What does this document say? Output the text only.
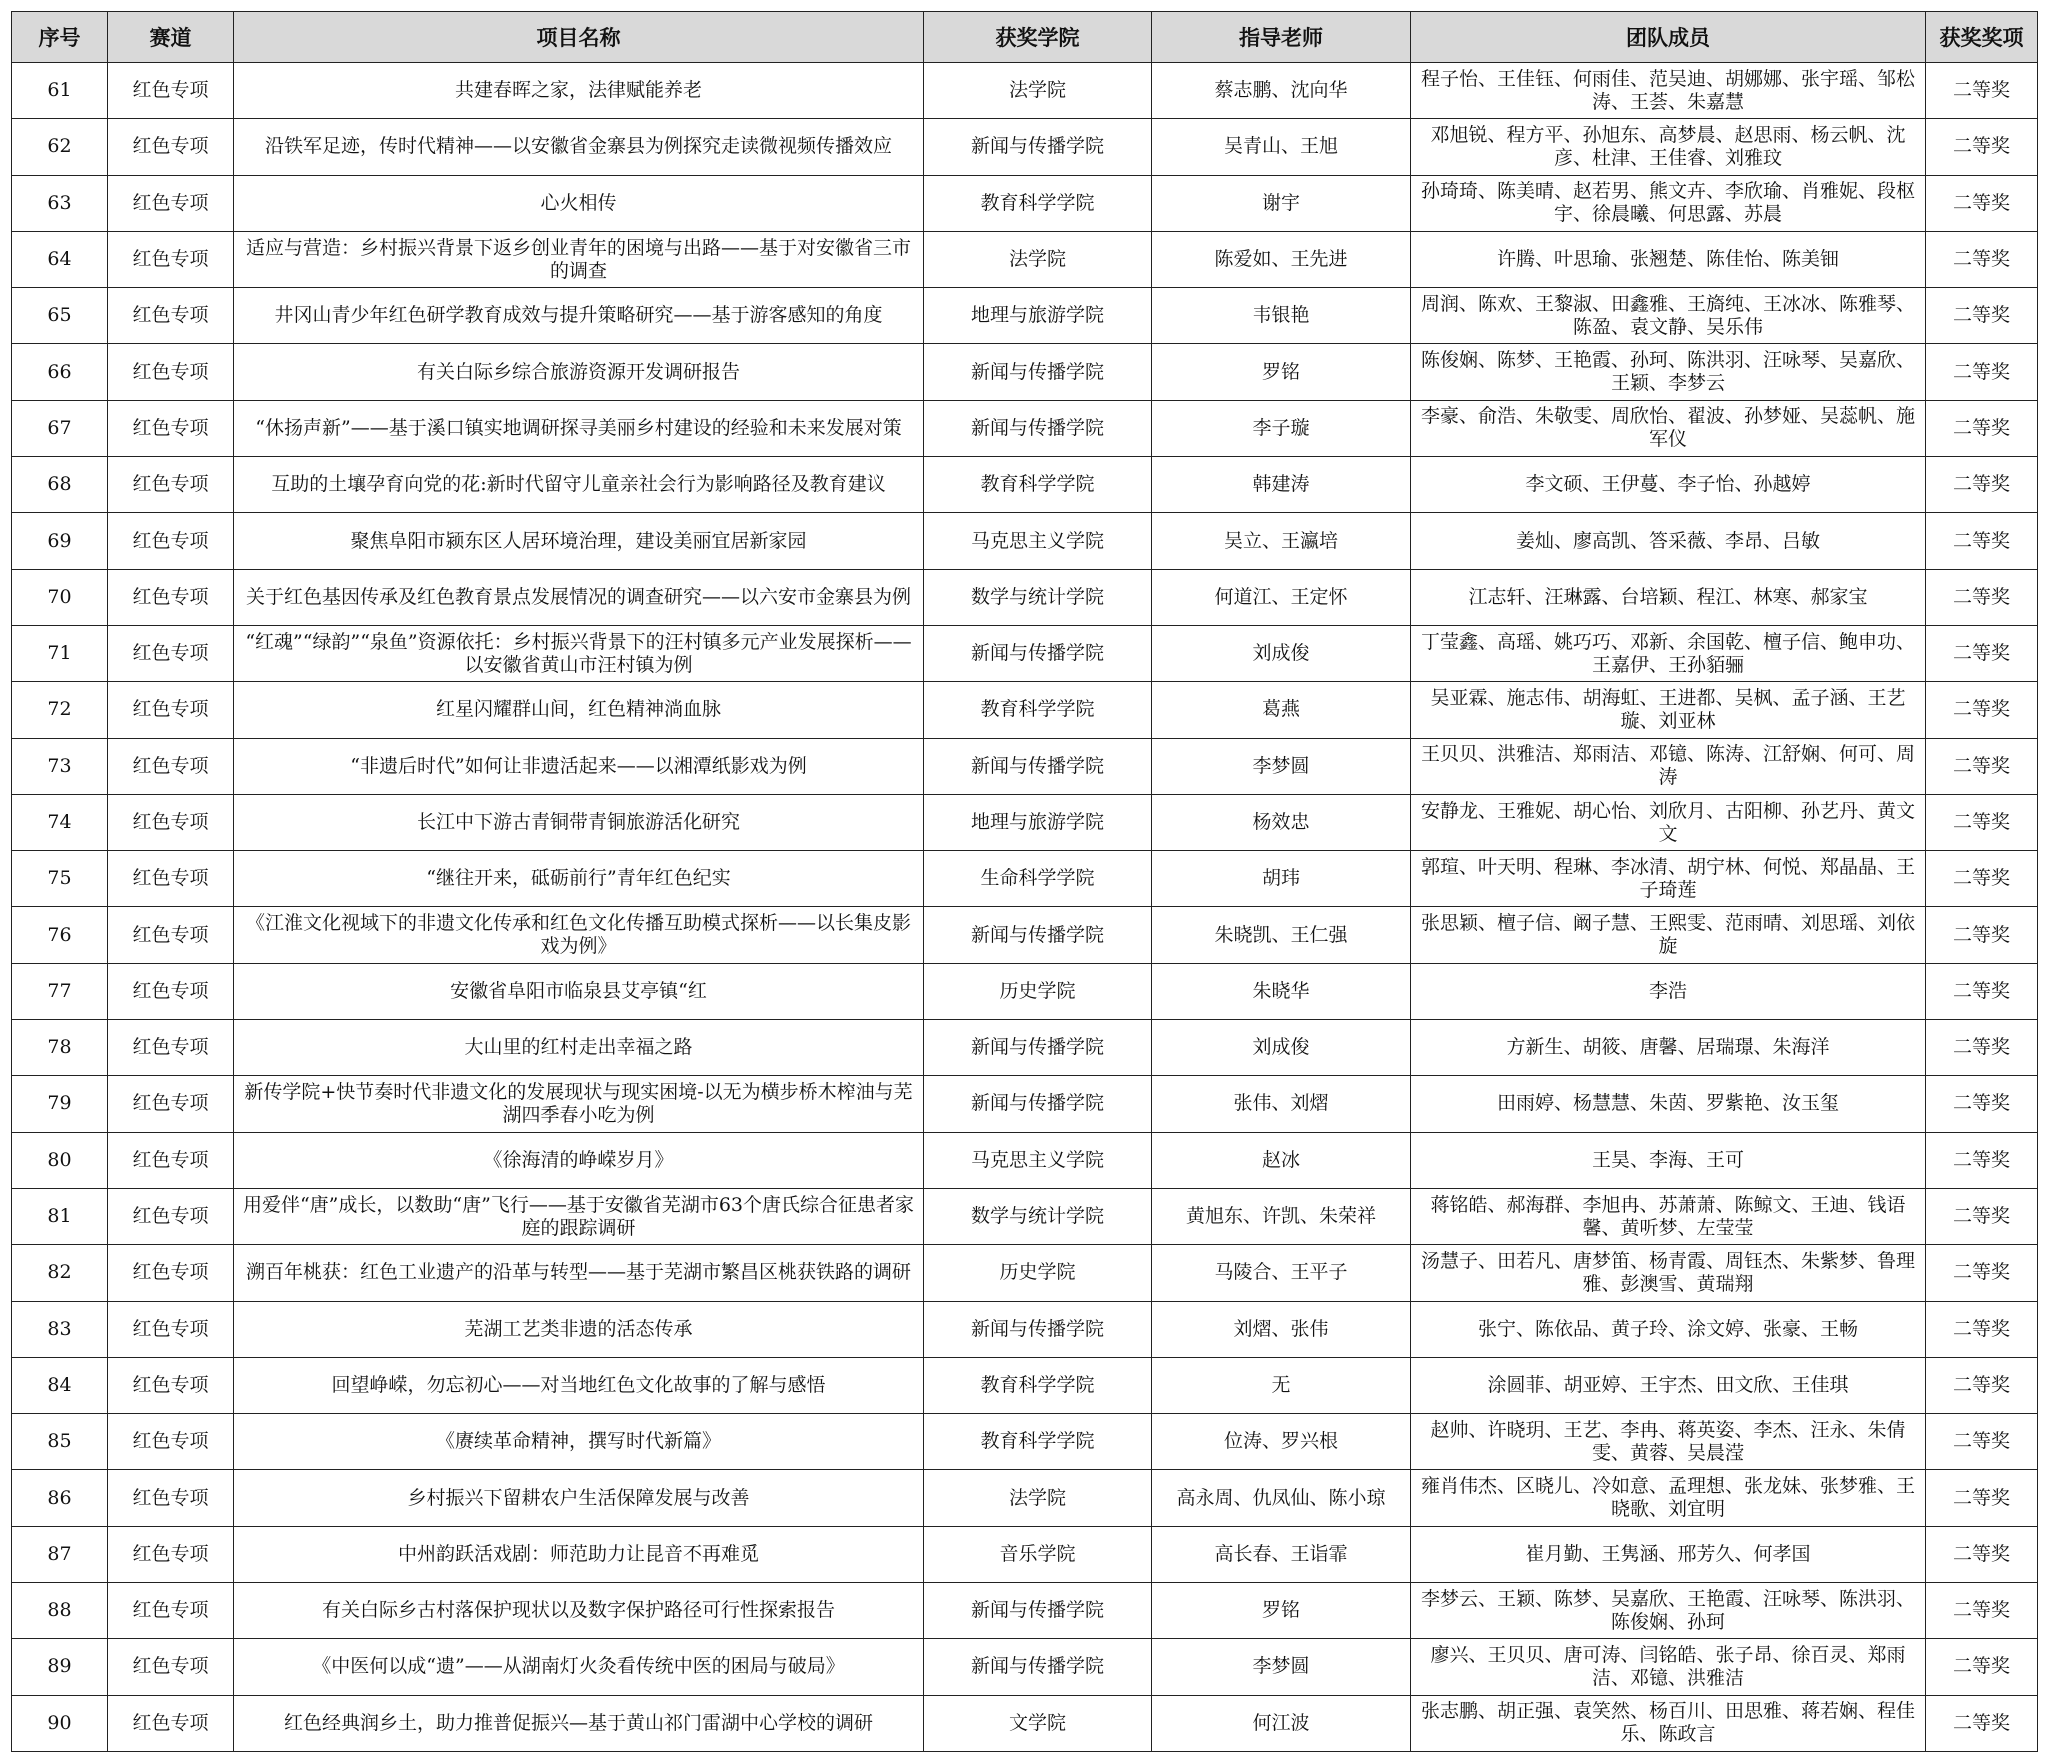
序号	赛道	项目名称	获奖学院	指导老师	团队成员	获奖奖项
61	红色专项	共建春晖之家，法律赋能养老	法学院	蔡志鹏、沈向华	程子怡、王佳钰、何雨佳、范吴迪、胡娜娜、张宇瑶、邹松涛、王荟、朱嘉慧	二等奖
62	红色专项	沿铁军足迹，传时代精神——以安徽省金寨县为例探究走读微视频传播效应	新闻与传播学院	吴青山、王旭	邓旭锐、程方平、孙旭东、高梦晨、赵思雨、杨云帆、沈彦、杜津、王佳睿、刘雅玟	二等奖
63	红色专项	心火相传	教育科学学院	谢宇	孙琦琦、陈美晴、赵若男、熊文卉、李欣瑜、肖雅妮、段枢宇、徐晨曦、何思露、苏晨	二等奖
64	红色专项	适应与营造：乡村振兴背景下返乡创业青年的困境与出路——基于对安徽省三市的调查	法学院	陈爱如、王先进	许腾、叶思瑜、张翘楚、陈佳怡、陈美钿	二等奖
65	红色专项	井冈山青少年红色研学教育成效与提升策略研究——基于游客感知的角度	地理与旅游学院	韦银艳	周润、陈欢、王黎淑、田鑫雅、王旖纯、王冰冰、陈雅琴、陈盈、袁文静、吴乐伟	二等奖
66	红色专项	有关白际乡综合旅游资源开发调研报告	新闻与传播学院	罗铭	陈俊娴、陈梦、王艳霞、孙珂、陈洪羽、汪咏琴、吴嘉欣、王颖、李梦云	二等奖
67	红色专项	“休扬声新”——基于溪口镇实地调研探寻美丽乡村建设的经验和未来发展对策	新闻与传播学院	李子璇	李豪、俞浩、朱敬雯、周欣怡、翟波、孙梦娅、吴蕊帆、施军仪	二等奖
68	红色专项	互助的土壤孕育向党的花:新时代留守儿童亲社会行为影响路径及教育建议	教育科学学院	韩建涛	李文硕、王伊蔓、李子怡、孙越婷	二等奖
69	红色专项	聚焦阜阳市颍东区人居环境治理，建设美丽宜居新家园	马克思主义学院	吴立、王瀛培	姜灿、廖高凯、答采薇、李昂、吕敏	二等奖
70	红色专项	关于红色基因传承及红色教育景点发展情况的调查研究——以六安市金寨县为例	数学与统计学院	何道江、王定怀	江志轩、汪琳露、台培颖、程江、林寒、郝家宝	二等奖
71	红色专项	“红魂”“绿韵”“泉鱼”资源依托：乡村振兴背景下的汪村镇多元产业发展探析——以安徽省黄山市汪村镇为例	新闻与传播学院	刘成俊	丁莹鑫、高瑶、姚巧巧、邓新、余国乾、檀子信、鲍申功、王嘉伊、王孙貊骊	二等奖
72	红色专项	红星闪耀群山间，红色精神淌血脉	教育科学学院	葛燕	吴亚霖、施志伟、胡海虹、王进都、吴枫、孟子涵、王艺璇、刘亚林	二等奖
73	红色专项	“非遗后时代”如何让非遗活起来——以湘潭纸影戏为例	新闻与传播学院	李梦圆	王贝贝、洪雅洁、郑雨洁、邓镱、陈涛、江舒娴、何可、周涛	二等奖
74	红色专项	长江中下游古青铜带青铜旅游活化研究	地理与旅游学院	杨效忠	安静龙、王雅妮、胡心怡、刘欣月、古阳柳、孙艺丹、黄文文	二等奖
75	红色专项	“继往开来，砥砺前行”青年红色纪实	生命科学学院	胡玮	郭瑄、叶天明、程琳、李冰清、胡宁林、何悦、郑晶晶、王子琦莲	二等奖
76	红色专项	《江淮文化视域下的非遗文化传承和红色文化传播互助模式探析——以长集皮影戏为例》	新闻与传播学院	朱晓凯、王仁强	张思颖、檀子信、阚子慧、王熙雯、范雨晴、刘思瑶、刘依旋	二等奖
77	红色专项	安徽省阜阳市临泉县艾亭镇“红	历史学院	朱晓华	李浩	二等奖
78	红色专项	大山里的红村走出幸福之路	新闻与传播学院	刘成俊	方新生、胡筱、唐馨、居瑞璟、朱海洋	二等奖
79	红色专项	新传学院+快节奏时代非遗文化的发展现状与现实困境-以无为横步桥木榨油与芜湖四季春小吃为例	新闻与传播学院	张伟、刘熠	田雨婷、杨慧慧、朱茵、罗紫艳、汝玉玺	二等奖
80	红色专项	《徐海清的峥嵘岁月》	马克思主义学院	赵冰	王昊、李海、王可	二等奖
81	红色专项	用爱伴“唐”成长，以数助“唐”飞行——基于安徽省芜湖市63个唐氏综合征患者家庭的跟踪调研	数学与统计学院	黄旭东、许凯、朱荣祥	蒋铭皓、郝海群、李旭冉、苏萧萧、陈鲸文、王迪、钱语馨、黄听梦、左莹莹	二等奖
82	红色专项	溯百年桃获：红色工业遗产的沿革与转型——基于芜湖市繁昌区桃获铁路的调研	历史学院	马陵合、王平子	汤慧子、田若凡、唐梦笛、杨青霞、周钰杰、朱紫梦、鲁理雅、彭澳雪、黄瑞翔	二等奖
83	红色专项	芜湖工艺类非遗的活态传承	新闻与传播学院	刘熠、张伟	张宁、陈依品、黄子玲、涂文婷、张豪、王畅	二等奖
84	红色专项	回望峥嵘，勿忘初心——对当地红色文化故事的了解与感悟	教育科学学院	无	涂圆菲、胡亚婷、王宇杰、田文欣、王佳琪	二等奖
85	红色专项	《赓续革命精神，撰写时代新篇》	教育科学学院	位涛、罗兴根	赵帅、许晓玥、王艺、李冉、蒋英姿、李杰、汪永、朱倩雯、黄蓉、吴晨滢	二等奖
86	红色专项	乡村振兴下留耕农户生活保障发展与改善	法学院	高永周、仇凤仙、陈小琼	雍肖伟杰、区晓儿、冷如意、孟理想、张龙妹、张梦雅、王晓歌、刘宜明	二等奖
87	红色专项	中州韵跃活戏剧：师范助力让昆音不再难觅	音乐学院	高长春、王诣霏	崔月勤、王隽涵、邢芳久、何孝国	二等奖
88	红色专项	有关白际乡古村落保护现状以及数字保护路径可行性探索报告	新闻与传播学院	罗铭	李梦云、王颖、陈梦、吴嘉欣、王艳霞、汪咏琴、陈洪羽、陈俊娴、孙珂	二等奖
89	红色专项	《中医何以成“遗”——从湖南灯火灸看传统中医的困局与破局》	新闻与传播学院	李梦圆	廖兴、王贝贝、唐可涛、闫铭皓、张子昂、徐百灵、郑雨洁、邓镱、洪雅洁	二等奖
90	红色专项	红色经典润乡土，助力推普促振兴—基于黄山祁门雷湖中心学校的调研	文学院	何江波	张志鹏、胡正强、袁笑然、杨百川、田思雅、蒋若娴、程佳乐、陈政言	二等奖
